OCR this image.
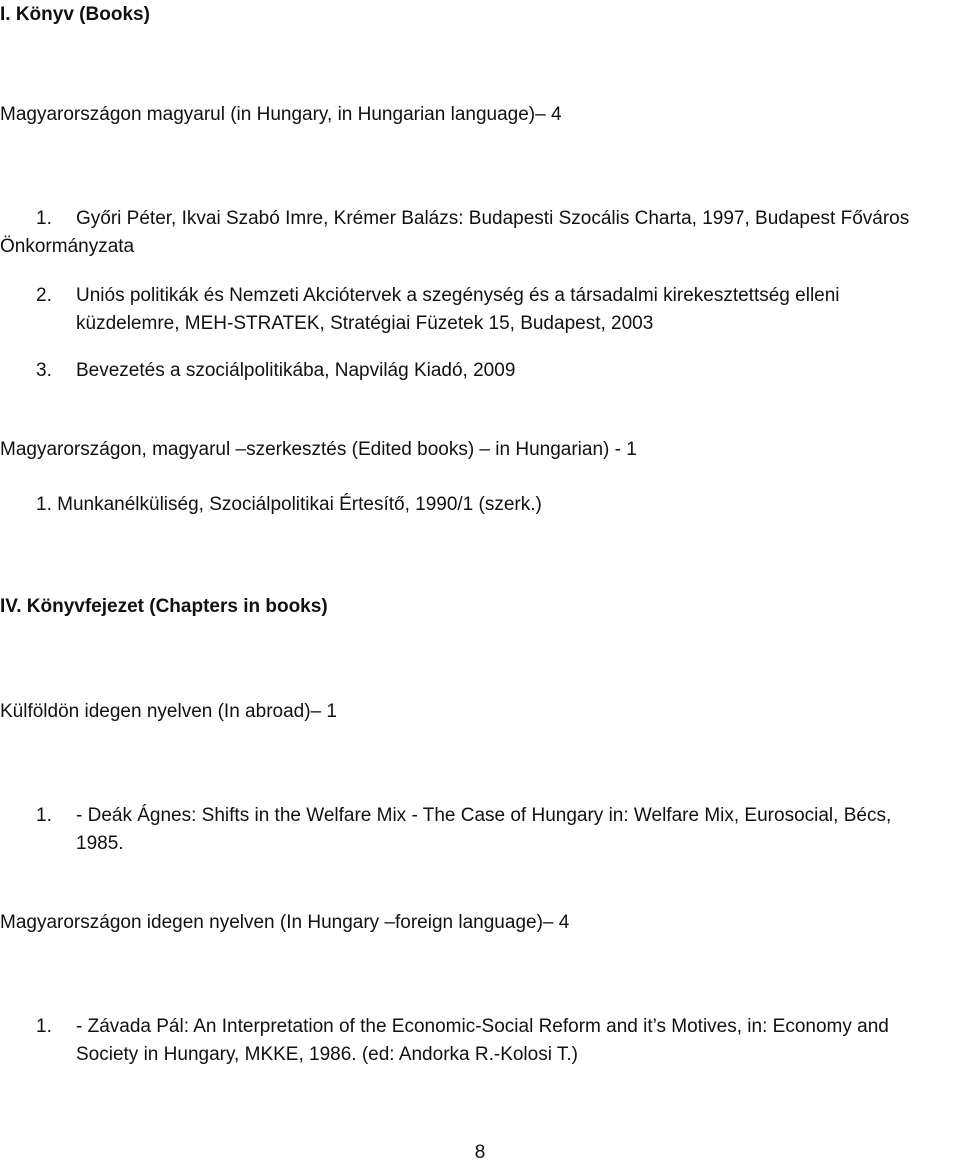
I. Könyv (Books)
Magyarországon magyarul (in Hungary, in Hungarian language)– 4
1. Győri Péter, Ikvai Szabó Imre, Krémer Balázs: Budapesti Szocális Charta, 1997, Budapest Főváros
Önkormányzata
2. Uniós politikák és Nemzeti Akciótervek a szegénység és a társadalmi kirekesztettség elleni
küzdelemre, MEH-STRATEK, Stratégiai Füzetek 15, Budapest, 2003
3. Bevezetés a szociálpolitikába, Napvilág Kiadó, 2009
Magyarországon, magyarul –szerkesztés (Edited books) – in Hungarian) - 1
1. Munkanélküliség, Szociálpolitikai Értesítő, 1990/1 (szerk.)
IV. Könyvfejezet (Chapters in books)
Külföldön idegen nyelven (In abroad)– 1
1. - Deák Ágnes: Shifts in the Welfare Mix - The Case of Hungary in: Welfare Mix, Eurosocial, Bécs,
1985.
Magyarországon idegen nyelven (In Hungary –foreign language)– 4
1. - Závada Pál: An Interpretation of the Economic-Social Reform and it’s Motives, in: Economy and
Society in Hungary, MKKE, 1986. (ed: Andorka R.-Kolosi T.)
8
